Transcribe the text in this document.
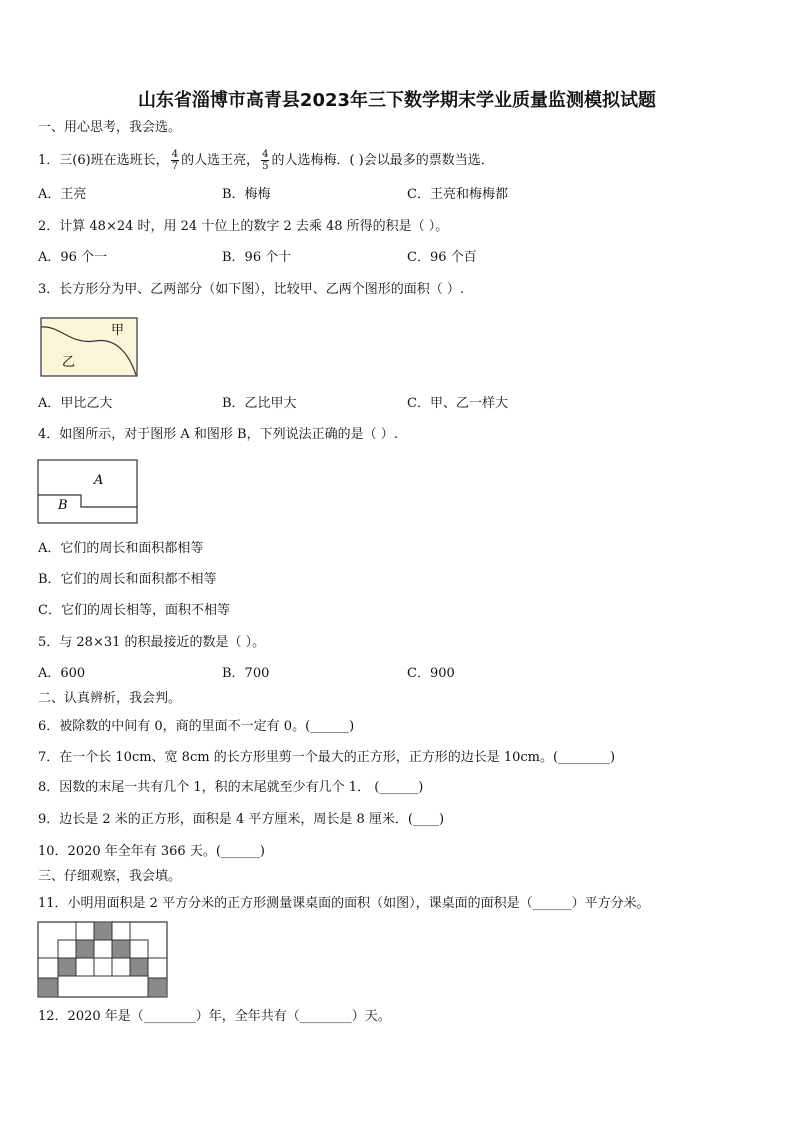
山东省淄博市高青县2023年三下数学期末学业质量监测模拟试题
一、用心思考，我会选。
1．三(6)班在选班长， $\frac{4}{7}$ 的人选王亮， $\frac{4}{5}$ 的人选梅梅．( )会以最多的票数当选．
A．王亮	B．梅梅	C．王亮和梅梅都
2．计算 48×24 时，用 24 十位上的数字 2 去乘 48 所得的积是（ ）。
A．96 个一	B．96 个十	C．96 个百
3．长方形分为甲、乙两部分（如下图），比较甲、乙两个图形的面积（ ）.
甲
乙
A．甲比乙大	B．乙比甲大	C．甲、乙一样大
4．如图所示，对于图形 A 和图形 B，下列说法正确的是（ ）.
A
B
A．它们的周长和面积都相等
B．它们的周长和面积都不相等
C．它们的周长相等，面积不相等
5．与 28×31 的积最接近的数是（ ）。
A．600	B．700	C．900
二、认真辨析，我会判。
6．被除数的中间有 0，商的里面不一定有 0。(______)
7．在一个长 10cm、宽 8cm 的长方形里剪一个最大的正方形，正方形的边长是 10cm。(________)
8．因数的末尾一共有几个 1，积的末尾就至少有几个 1． (______)
9．边长是 2 米的正方形，面积是 4 平方厘米，周长是 8 厘米．(____)
10．2020 年全年有 366 天。(______)
三、仔细观察，我会填。
11．小明用面积是 2 平方分米的正方形测量课桌面的面积（如图），课桌面的面积是（______）平方分米。
12．2020 年是（________）年，全年共有（________）天。
